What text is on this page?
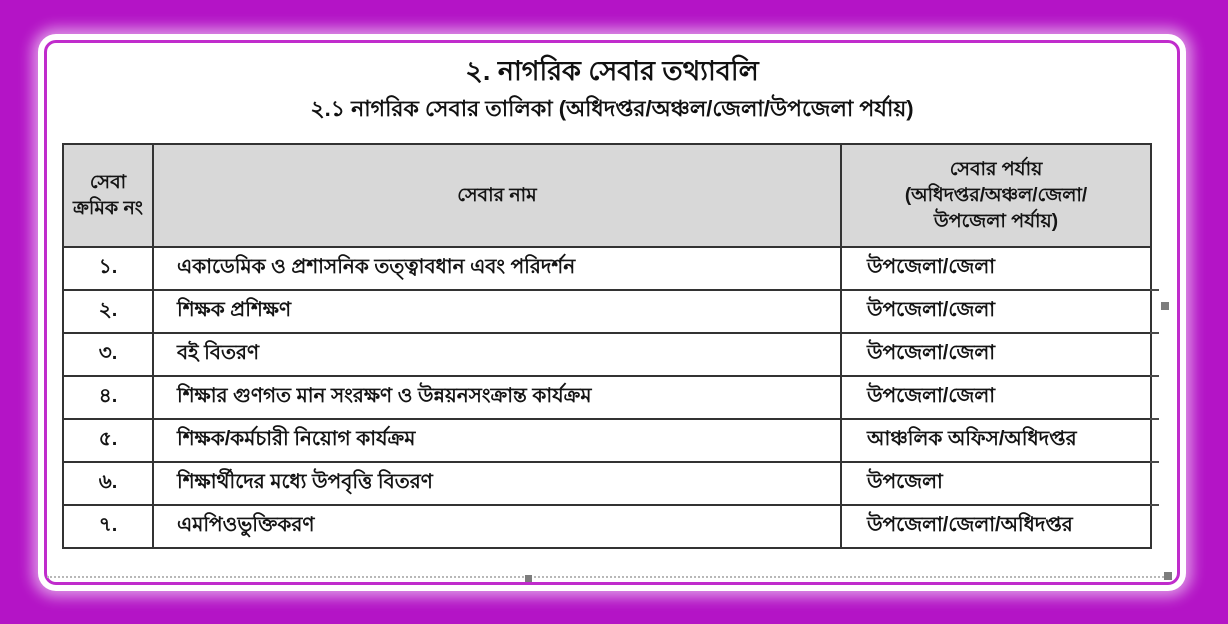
২. নাগরিক সেবার তথ্যাবলি
২.১ নাগরিক সেবার তালিকা (অধিদপ্তর/অঞ্চল/জেলা/উপজেলা পর্যায়)
সেবা
ক্রমিক নং

সেবার নাম

সেবার পর্যায়
(অধিদপ্তর/অঞ্চল/জেলা/
উপজেলা পর্যায়)

১.	একাডেমিক ও প্রশাসনিক তত্ত্বাবধান এবং পরিদর্শন	উপজেলা/জেলা
২.	শিক্ষক প্রশিক্ষণ	উপজেলা/জেলা
৩.	বই বিতরণ	উপজেলা/জেলা
৪.	শিক্ষার গুণগত মান সংরক্ষণ ও উন্নয়নসংক্রান্ত কার্যক্রম	উপজেলা/জেলা
৫.	শিক্ষক/কর্মচারী নিয়োগ কার্যক্রম	আঞ্চলিক অফিস/অধিদপ্তর
৬.	শিক্ষার্থীদের মধ্যে উপবৃত্তি বিতরণ	উপজেলা
৭.	এমপিওভুক্তিকরণ	উপজেলা/জেলা/অধিদপ্তর
